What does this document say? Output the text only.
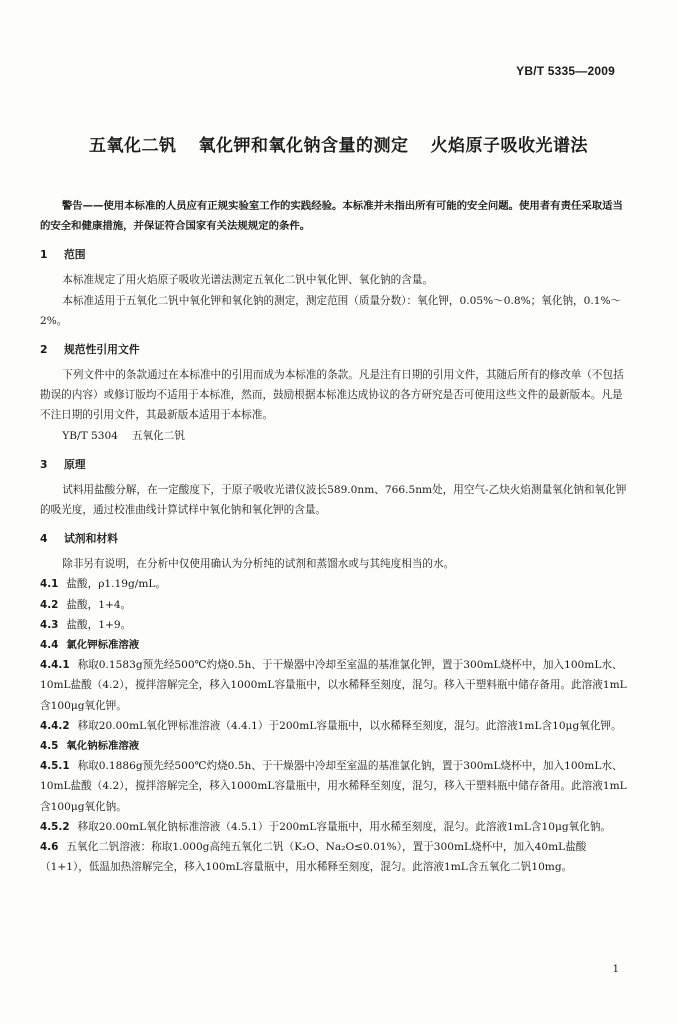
YB/T 5335—2009
五氧化二钒 氧化钾和氧化钠含量的测定 火焰原子吸收光谱法

警告——使用本标准的人员应有正规实验室工作的实践经验。本标准并未指出所有可能的安全问题。使用者有责任采取适当的安全和健康措施，并保证符合国家有关法规规定的条件。

1 范围

本标准规定了用火焰原子吸收光谱法测定五氧化二钒中氧化钾、氧化钠的含量。

本标准适用于五氧化二钒中氧化钾和氧化钠的测定，测定范围（质量分数）：氧化钾，0.05%～0.8%；氧化钠，0.1%～2%。

2 规范性引用文件

下列文件中的条款通过在本标准中的引用而成为本标准的条款。凡是注有日期的引用文件，其随后所有的修改单（不包括勘误的内容）或修订版均不适用于本标准，然而，鼓励根据本标准达成协议的各方研究是否可使用这些文件的最新版本。凡是不注日期的引用文件，其最新版本适用于本标准。

YB/T 5304 五氧化二钒
3 原理

试料用盐酸分解，在一定酸度下，于原子吸收光谱仪波长589.0nm、766.5nm处，用空气-乙炔火焰测量氧化钠和氧化钾的吸光度，通过校准曲线计算试样中氧化钠和氧化钾的含量。

4 试剂和材料

除非另有说明，在分析中仅使用确认为分析纯的试剂和蒸馏水或与其纯度相当的水。

4.1 盐酸，ρ1.19g/mL。
4.2 盐酸，1+4。
4.3 盐酸，1+9。
4.4 氯化钾标准溶液
4.4.1 称取0.1583g预先经500℃灼烧0.5h、于干燥器中冷却至室温的基准氯化钾，置于300mL烧杯中，加入100mL水、10mL盐酸（4.2），搅拌溶解完全，移入1000mL容量瓶中，以水稀释至刻度，混匀。移入干塑料瓶中储存备用。此溶液1mL含100μg氧化钾。
4.4.2 移取20.00mL氧化钾标准溶液（4.4.1）于200mL容量瓶中，以水稀释至刻度，混匀。此溶液1mL含10μg氧化钾。
4.5 氧化钠标准溶液
4.5.1 称取0.1886g预先经500℃灼烧0.5h、于干燥器中冷却至室温的基准氯化钠，置于300mL烧杯中，加入100mL水、10mL盐酸（4.2），搅拌溶解完全，移入1000mL容量瓶中，用水稀释至刻度，混匀，移入干塑料瓶中储存备用。此溶液1mL含100μg氧化钠。
4.5.2 移取20.00mL氧化钠标准溶液（4.5.1）于200mL容量瓶中，用水稀至刻度，混匀。此溶液1mL含10μg氧化钠。
4.6 五氧化二钒溶液：称取1.000g高纯五氧化二钒（K₂O、Na₂O≤0.01%），置于300mL烧杯中，加入40mL盐酸（1+1），低温加热溶解完全，移入100mL容量瓶中，用水稀释至刻度，混匀。此溶液1mL含五氧化二钒10mg。
1
